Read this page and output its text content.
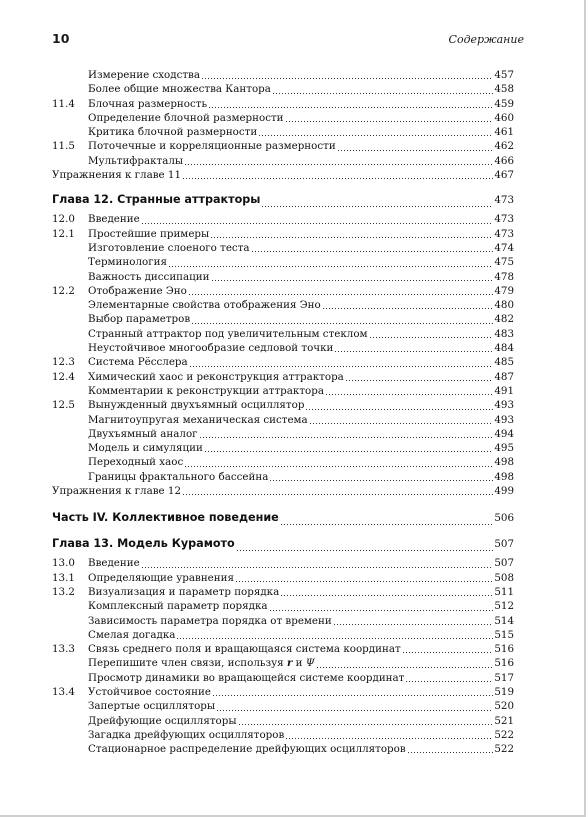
10	Содержание
Измерение сходства	457
Более общие множества Кантора	458
11.4 Блочная размерность	459
Определение блочной размерности	460
Критика блочной размерности	461
11.5 Поточечные и корреляционные размерности	462
Мультифракталы	466
Упражнения к главе 11	467
Глава 12. Странные аттракторы	473
12.0 Введение	473
12.1 Простейшие примеры	473
Изготовление слоеного теста	474
Терминология	475
Важность диссипации	478
12.2 Отображение Эно	479
Элементарные свойства отображения Эно	480
Выбор параметров	482
Странный аттрактор под увеличительным стеклом	483
Неустойчивое многообразие седловой точки	484
12.3 Система Рёсслера	485
12.4 Химический хаос и реконструкция аттрактора	487
Комментарии к реконструкции аттрактора	491
12.5 Вынужденный двухъямный осциллятор	493
Магнитоупругая механическая система	493
Двухъямный аналог	494
Модель и симуляции	495
Переходный хаос	498
Границы фрактального бассейна	498
Упражнения к главе 12	499
Часть IV. Коллективное поведение	506
Глава 13. Модель Курамото	507
13.0 Введение	507
13.1 Определяющие уравнения	508
13.2 Визуализация и параметр порядка	511
Комплексный параметр порядка	512
Зависимость параметра порядка от времени	514
Смелая догадка	515
13.3 Связь среднего поля и вращающаяся система координат	516
Перепишите член связи, используя r и Ψ	516
Просмотр динамики во вращающейся системе координат	517
13.4 Устойчивое состояние	519
Запертые осцилляторы	520
Дрейфующие осцилляторы	521
Загадка дрейфующих осцилляторов	522
Стационарное распределение дрейфующих осцилляторов	522
